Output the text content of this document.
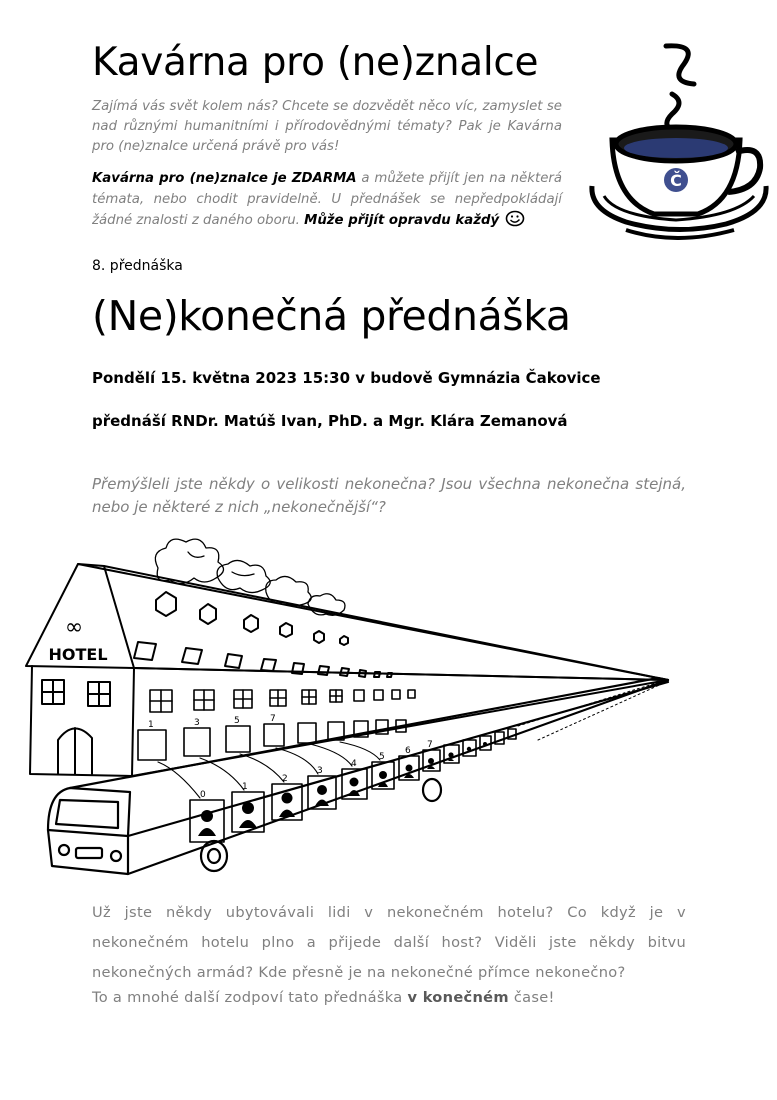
Kavárna pro (ne)znalce

Zajímá vás svět kolem nás? Chcete se dozvědět něco víc, zamyslet se nad různými humanitními i přírodovědnými tématy? Pak je Kavárna pro (ne)znalce určená právě pro vás!

Kavárna pro (ne)znalce je ZDARMA a můžete přijít jen na některá témata, nebo chodit pravidelně. U přednášek se nepředpokládají žádné znalosti z daného oboru. Může přijít opravdu každý

Č

8. přednáška

(Ne)konečná přednáška

Pondělí 15. května 2023 15:30 v budově Gymnázia Čakovice

přednáší RNDr. Matúš Ivan, PhD. a Mgr. Klára Zemanová

Přemýšleli jste někdy o velikosti nekonečna? Jsou všechna nekonečna stejná, nebo je některé z nich „nekonečnější“?

∞
HOTEL
1	3	5	7
0
1
2
3
4
5
6
7

Už jste někdy ubytovávali lidi v nekonečném hotelu? Co když je v nekonečném hotelu plno a přijede další host? Viděli jste někdy bitvu nekonečných armád? Kde přesně je na nekonečné přímce nekonečno?

To a mnohé další zodpoví tato přednáška v konečném čase!
